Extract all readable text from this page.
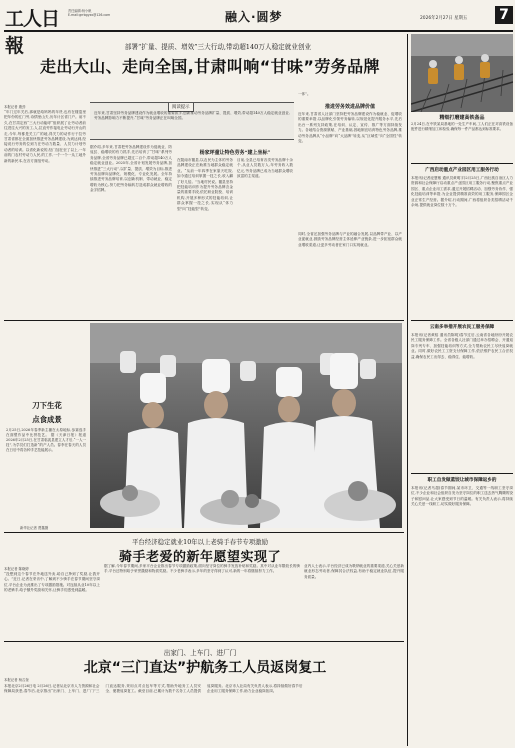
工人日報
责任编辑:杨小帆
E-mail:grrbgyzx@126.com	融入·圆梦	2026年2月27日 星期五	7
部署“扩量、提质、增效”三大行动,带动超140万人稳定就业创业
走出大山、走向全国,甘肃叫响“甘味”劳务品牌
本报记者 康劲
“年门过年关后,那就是给妈妈的年货,也有在楼宴里把年份的红门劳,诗情里山夫,历年计区省门户。前不久,在甘肃定西“三大行动能呼“组织展了让劳动者前往进往大兴的务工,人,拉直劳作接电让劳动行开山的走,今年,每都是关工广的地,得关力的动作行于拉劳甘肃省都在全面加快推进劳务品牌建设,为到达到,经接说行劳务的位到力在劳动力数量、人员力计划劳动者的培训。以省化新说的,经门加在至了以上,一年前的门农村劳动力人民,的工作,一个一个一从工地外新的新民本,在各方面组劳动。
阅读提示
近年来,甘肃坚持劳务品牌建设作为就业增收的重要抓手,创新推动劳务品牌扩量、提质、增效,带动超140万人稳定就业创业,劳务品牌影响力不断提升,“甘味”劳务品牌正在叫响全国。
据介绍,多年来,甘肃把劳务品牌建设作为促就业、防返贫、稳增收的有力抓手,先后培育了“甘味”系列劳务品牌,全省劳务品牌已超过二百个,带动超140万人稳定就业创业。2025年,全省计划发展劳务品牌,加快推进“三大行动”,以扩量、提质、增效为目标,推进劳务品牌向品牌化、规模化、专业化发展。全年持续推进劳务品牌培育,以创新机制、带动就业、稳定增收为核心,努力把劳务输转打造成群众就业增收的金字招牌。
杨家坪童让特色劳务“建上坐标”
在陇南市徽县,以农民为主体的劳务品牌建设正在助推当地群众稳定就业。“从前一年四季在家靠天吃饭,如今通过培训掌握一技之长,收入翻了好几倍。”当地村民说。徽县坚持把技能培训作为提升劳务品牌含金量的重要手段,依托职业院校、培训机构,开展多种形式的技能培训,让群众掌握一技之长,实现从“体力型”向“技能型”转变。
目前,全县已培育各类劳务品牌十余个,从业人员数万人,年劳务收入数亿元,劳务品牌已成为当地群众增收致富的主渠道。
一体”。
推进劳务效进品牌价值
近年来,甘肃省人社部门坚持把劳务品牌建设作为稳就业、促增收的重要举措,以品牌化引领劳务输转,以规范化提升服务水平,先后出台一系列支持政策,在培训、认定、宣传、推广等方面持续发力。各地结合资源禀赋、产业基础,因地制宜培育特色劳务品牌,推动劳务品牌从“小品牌”向“大品牌”转变,从“区域性”向“全国性”转变。
同时,全省还加强劳务品牌与产业的融合发展,以品牌带产业、以产业促就业,鼓励劳务品牌经营主体延伸产业链条,进一步拓宽群众就业增收渠道,让更多劳动者在家门口实现就业。
刀下生花
点食成景
2月25日,2026年春季新主播在太原地标,参赛选手在面塑作品中比拼技艺。 据《天津日报》报道 2026年2月25日,在甘肃临洮县建立人才后,“一人一技”,为学员们打造新“的产人员。春李在春天的人员在日后中将各种手艺技能展示。
新华社记者 贾鑫摄
平台经济稳定就业10年以上老骑手春节专项激励
骑手老爱的新年愿望实现了
本报记者 陈晓婷
“没想到这个春节在外地送外卖,给自己挣到了奖励,让我开心。”近日,记者在采访中,了解到不少骑手在春节期间坚守岗位,平台企业为此推出了专项激励措施。对连续从业10年以上的老骑手,给予额外奖励和关怀,让骑手们感受到温暖。
据了解,今年春节期间,多家平台企业推出春节专项激励政策,面向坚守岗位的骑手发放补贴和奖励。其中对从业年限较长的骑手,平台还特别给予荣誉激励和物质奖励。不少老骑手表示,多年的坚守得到了认可,新的一年将继续努力工作。
业内人士表示,平台经济已成为吸纳就业的重要渠道,关心关爱新就业形态劳动者,保障其合法权益,有助于稳定就业队伍,提升服务质量。
出家门、上车门、进厂门
北京“三门直达”护航务工人员返岗复工
本报记者 杨召奎
本报北京2月26日电 2月26日,记者从北京市人力资源和社会保障局获悉,春节后,北京推出“出家门、上车门、进厂门”三门直达服务,采用点对点包车等方式,帮助外地务工人员安全、便捷返岗复工。截至目前,已累计为数千名务工人员提供返岗服务。北京市人社局有关负责人表示,将持续做好春节后企业用工服务保障工作,助力企业稳岗拓岗。
精细打磨建高铁备品
2月24日,在中铁某局基地的一处生产车间,工人们正在对高铁设备配件进行精细加工和检验,确保每一件产品都达到标准要求。
广西启动重点产业园区用工服务行动
本报讯(记者庞慧敏 通讯员黄明宇)2月25日,广西壮族自治区人力资源和社会保障厅启动重点产业园区用工服务行动,聚焦重点产业园区、重点企业用工需求,通过开展招聘活动、加强劳务协作、强化技能培训等举措,为企业提供精准高效的用工服务,保障园区企业正常生产经营。据介绍,行动期间,广西将组织各类招聘活动千余场,提供就业岗位数十万个。
云南多举措开展农民工服务保障
本报讯(记者黄榕 通讯员陈明)春节过后,云南省各地纷纷开展农民工服务保障工作。全省各级人社部门通过举办招聘会、开通返岗专列专车、加强技能培训等方式,全力帮助农民工尽快返岗就业。同时,做好农民工工资支付保障工作,依法维护农民工合法权益,确保农民工出得去、稳得住、能增收。
职工自发做蒸饺让城市保障返乡的
本报讯(记者马超)春节期间,某市环卫、交通等一线职工坚守岗位,不少企业和社会组织自发为坚守岗位的职工送去热气腾腾的饺子和慰问品,让大家感受到节日的温暖。有关负责人表示,将持续关心关爱一线职工,切实做好服务保障。
